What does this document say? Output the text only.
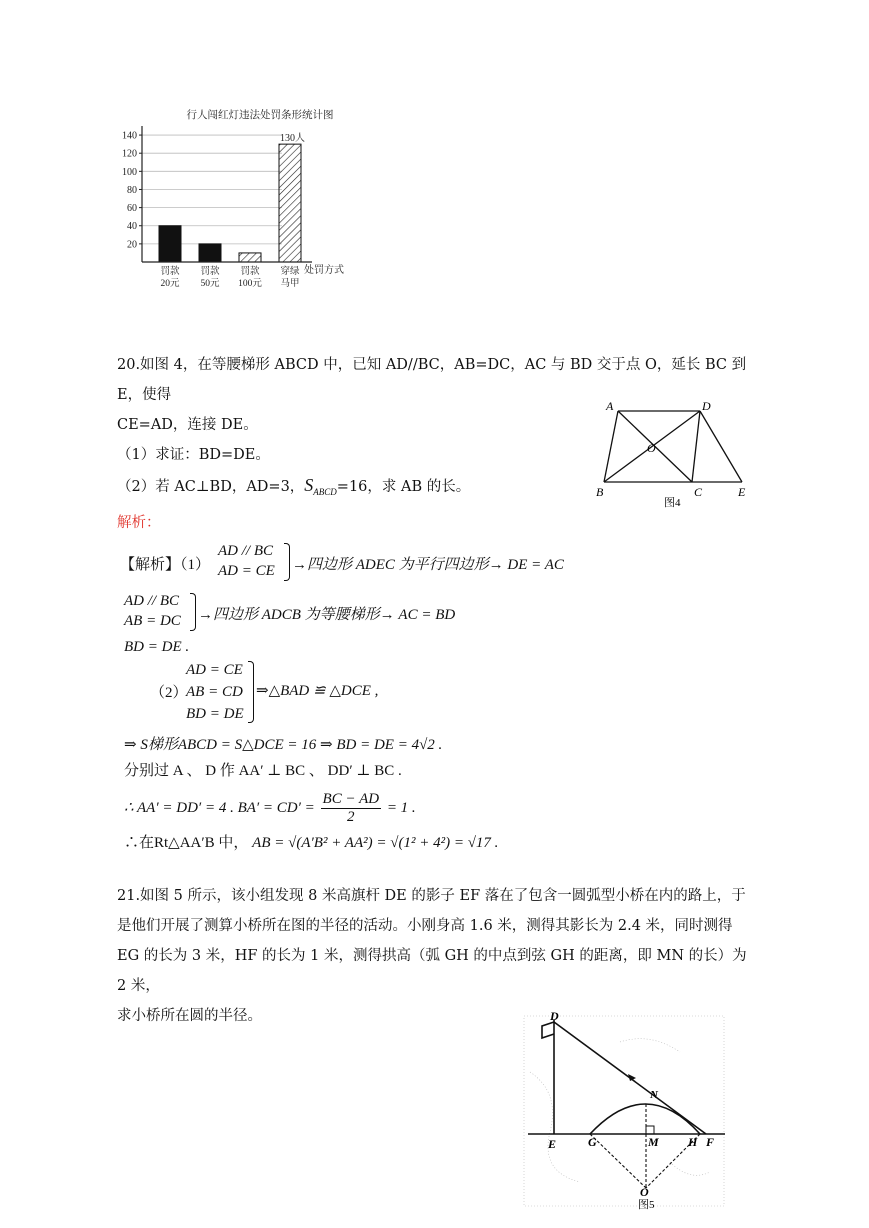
行人闯红灯违法处罚条形统计图
20
40
60
80
100
120
140
罚款
20元
罚款
50元
罚款
100元
穿绿
马甲
处罚方式
130人
20.如图 4，在等腰梯形 ABCD 中，已知 AD//BC，AB=DC，AC 与 BD 交于点 O，延长 BC 到 E，使得
CE=AD，连接 DE。
（1）求证：BD=DE。
（2）若 AC⊥BD，AD=3，$S_{ABCD}=16$，求 AB 的长。
A	D
O
B	C	E
图4
解析：
【解析】（1）
AD // BC
AD = CE →四边形 ADEC 为平行四边形→ DE = AC
AD // BC
AB = DC →四边形 ADCB 为等腰梯形→ AC = BD
BD = DE .
（2）
AD = CE
AB = CD
BD = DE
⇒△BAD ≌ △DCE ,
⇒ S梯形ABCD = S△DCE = 16 ⇒ BD = DE = 4√2 .
分别过 A 、 D 作 AA′ ⊥ BC 、 DD′ ⊥ BC .
∴ AA′ = DD′ = 4 . $BA' = CD' = \frac{BC - AD}{2} = 1$ .
∴在Rt△AA′B 中， AB = √(A′B² + AA²) = √(1² + 4²) = √17 .
21.如图 5 所示，该小组发现 8 米高旗杆 DE 的影子 EF 落在了包含一圆弧型小桥在内的路上，于
是他们开展了测算小桥所在图的半径的活动。小刚身高 1.6 米，测得其影长为 2.4 米，同时测得
EG 的长为 3 米，HF 的长为 1 米，测得拱高（弧 GH 的中点到弦 GH 的距离，即 MN 的长）为 2 米，
求小桥所在圆的半径。	D
E	G	M H F
N
O
图5
